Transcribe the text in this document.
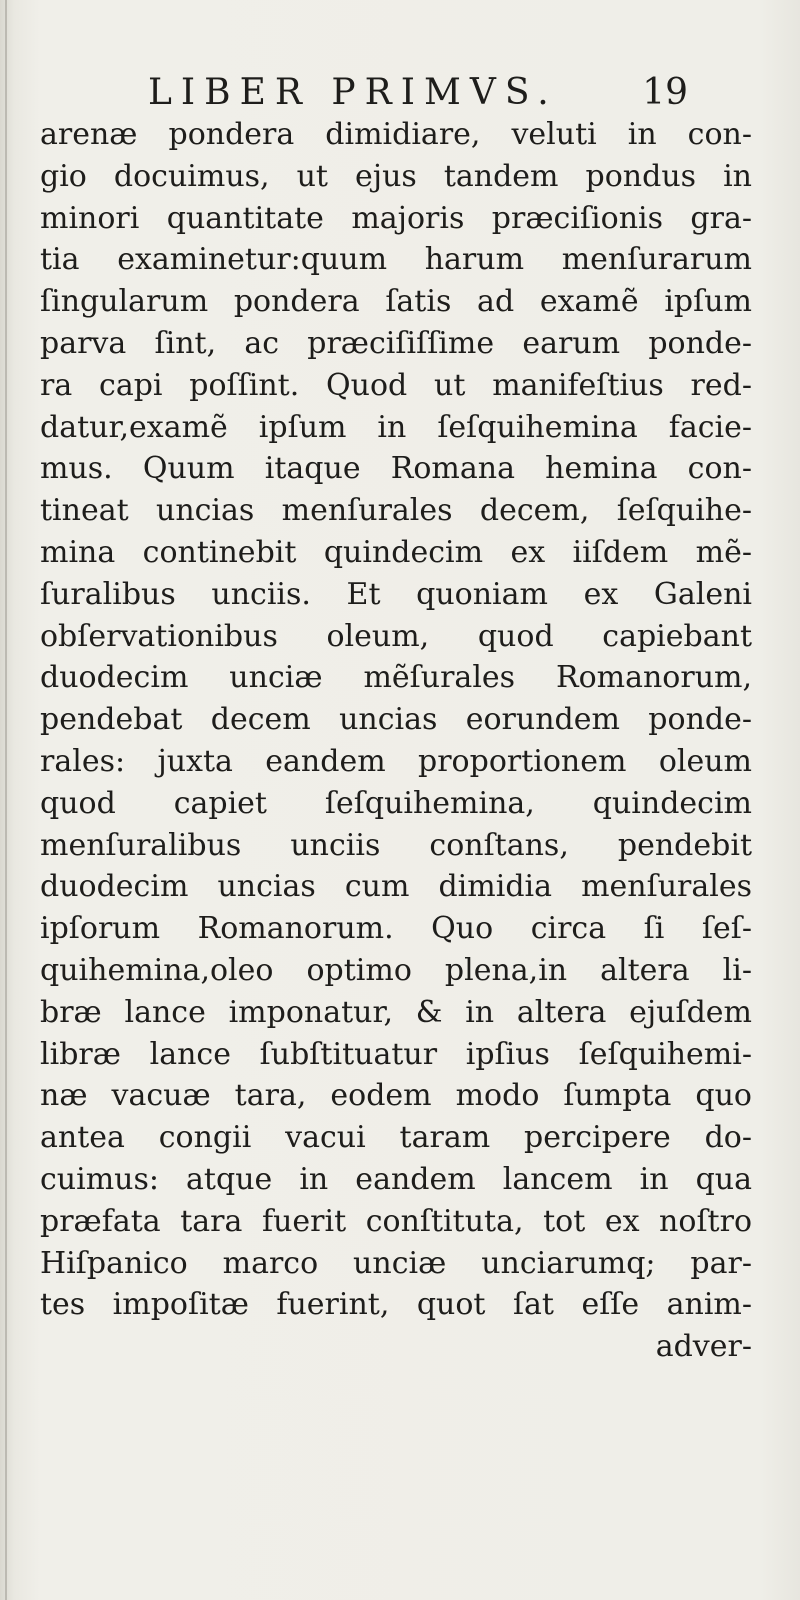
LIBER PRIMVS. 19
arenæ pondera dimidiare, veluti in con-
gio docuimus, ut ejus tandem pondus in
minori quantitate majoris præciſionis gra-
tia examinetur:quum harum menſurarum
ſingularum pondera ſatis ad examẽ ipſum
parva ſint, ac præciſiſſime earum ponde-
ra capi poſſint. Quod ut manifeſtius red-
datur,examẽ ipſum in ſeſquihemina facie-
mus. Quum itaque Romana hemina con-
tineat uncias menſurales decem, ſeſquihe-
mina continebit quindecim ex iiſdem mẽ-
ſuralibus unciis. Et quoniam ex Galeni
obſervationibus oleum, quod capiebant
duodecim unciæ mẽſurales Romanorum,
pendebat decem uncias eorundem ponde-
rales: juxta eandem proportionem oleum
quod capiet ſeſquihemina, quindecim
menſuralibus unciis conſtans, pendebit
duodecim uncias cum dimidia menſurales
ipſorum Romanorum. Quo circa ſi ſeſ-
quihemina,oleo optimo plena,in altera li-
bræ lance imponatur, & in altera ejuſdem
libræ lance ſubſtituatur ipſius ſeſquihemi-
næ vacuæ tara, eodem modo ſumpta quo
antea congii vacui taram percipere do-
cuimus: atque in eandem lancem in qua
præfata tara fuerit conſtituta, tot ex noſtro
Hiſpanico marco unciæ unciarumq; par-
tes impoſitæ fuerint, quot ſat eſſe anim-
adver-
